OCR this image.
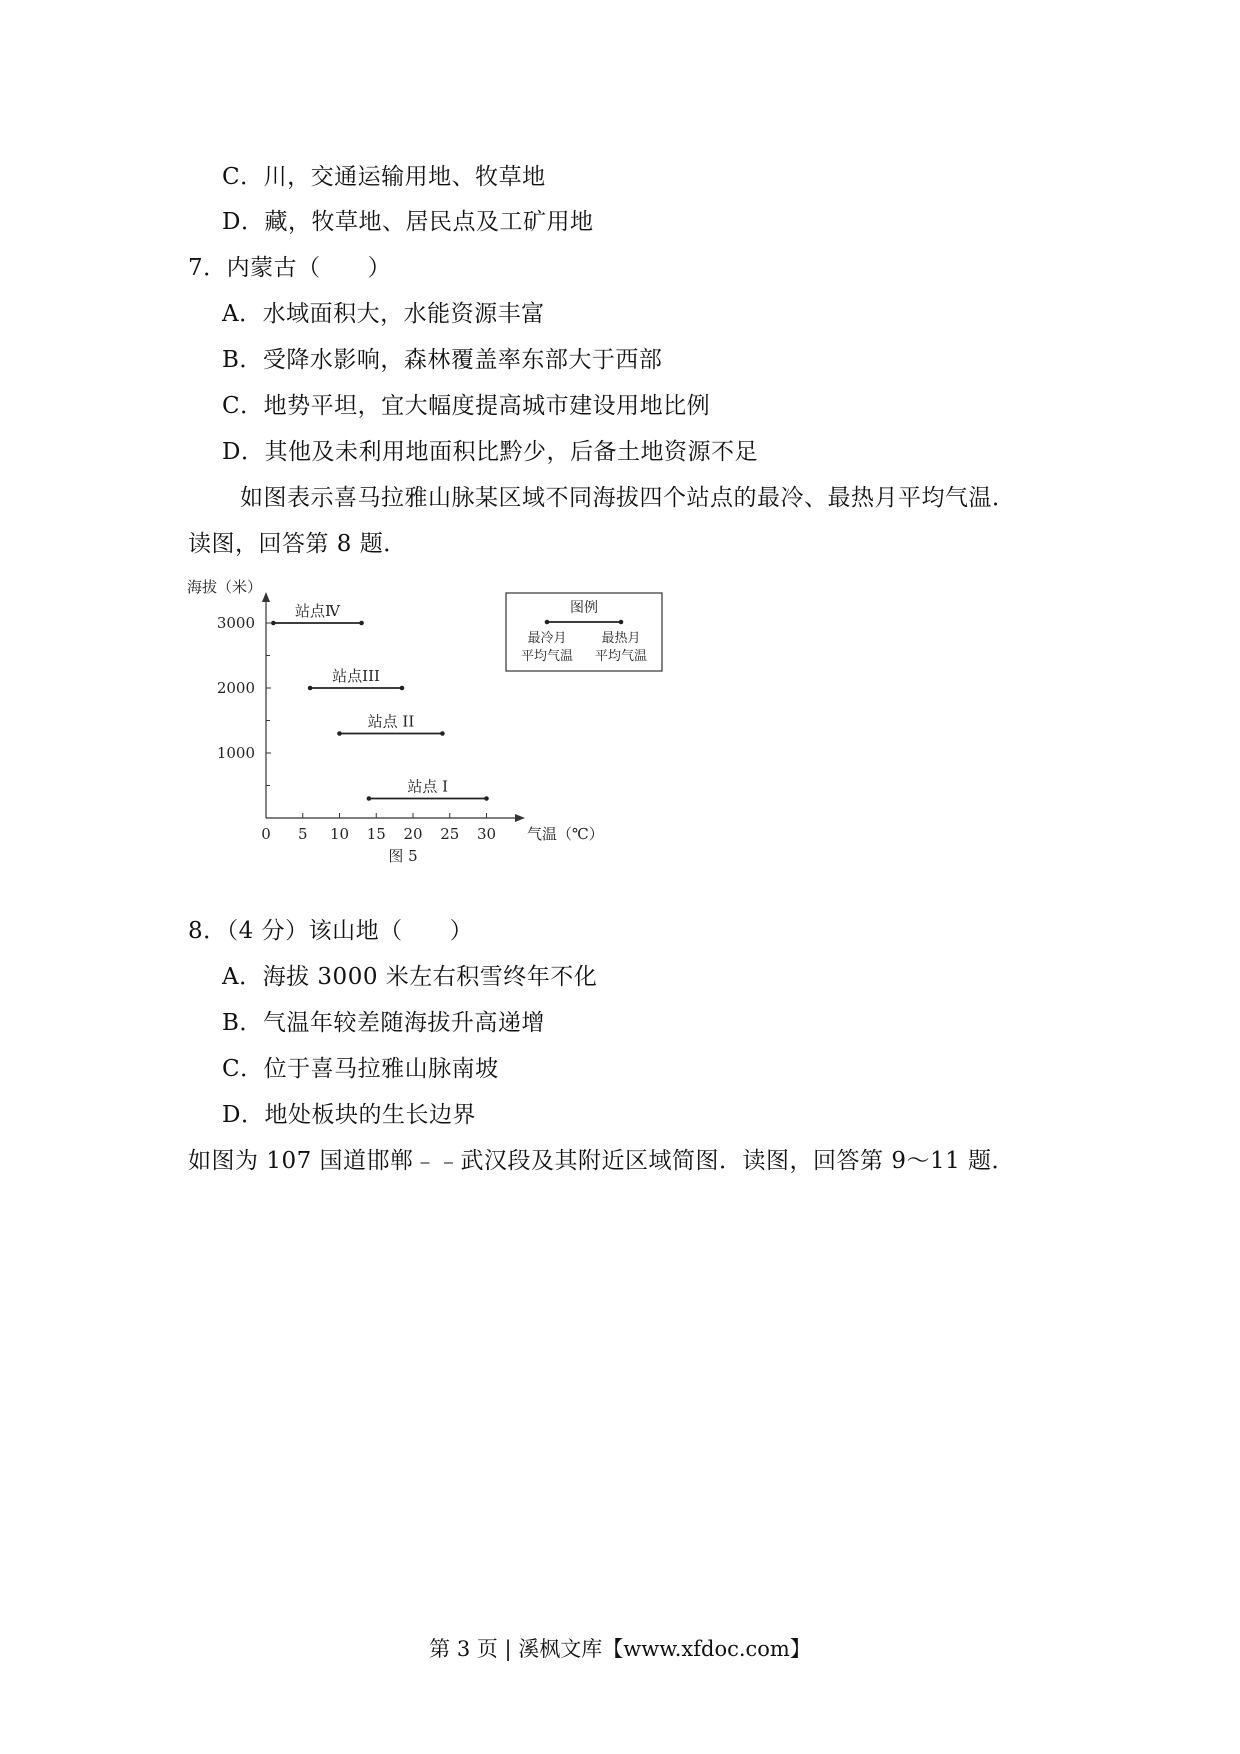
C．川，交通运输用地、牧草地
D．藏，牧草地、居民点及工矿用地
7．内蒙古（　　）
A．水域面积大，水能资源丰富
B．受降水影响，森林覆盖率东部大于西部
C．地势平坦，宜大幅度提高城市建设用地比例
D．其他及未利用地面积比黔少，后备土地资源不足
如图表示喜马拉雅山脉某区域不同海拔四个站点的最冷、最热月平均气温．
读图，回答第 8 题．
海拔（米）
气温（℃）
图 5
0 5 10 15 20 25 30
1000
2000
3000
站点Ⅳ
站点III
站点 II
站点 I
图例
最冷月
平均气温
最热月
平均气温
8．（4 分）该山地（　　）
A．海拔 3000 米左右积雪终年不化
B．气温年较差随海拔升高递增
C．位于喜马拉雅山脉南坡
D．地处板块的生长边界
如图为 107 国道邯郸﹣﹣武汉段及其附近区域简图．读图，回答第 9～11 题．
第 3 页 | 溪枫文库【www.xfdoc.com】
